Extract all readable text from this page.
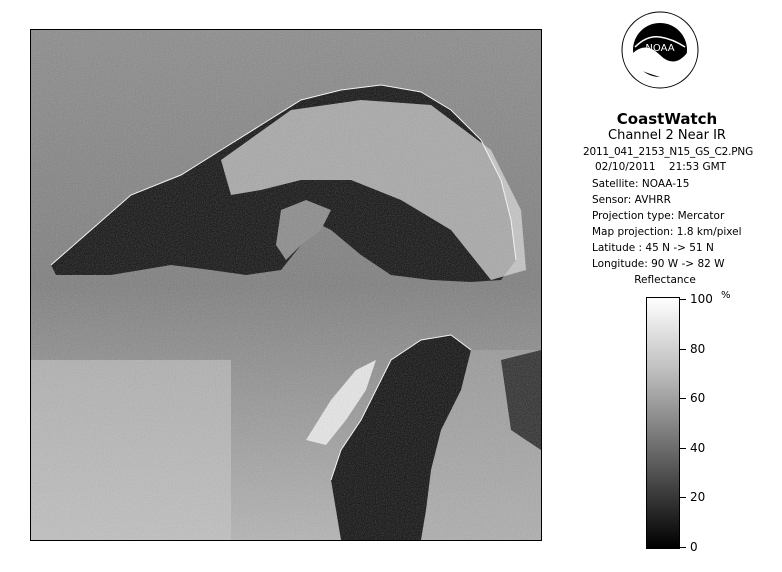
NOAA
CoastWatch
Channel 2 Near IR
2011_041_2153_N15_GS_C2.PNG
02/10/2011 21:53 GMT
Satellite: NOAA-15
Sensor: AVHRR
Projection type: Mercator
Map projection: 1.8 km/pixel
Latitude : 45 N -> 51 N
Longitude: 90 W -> 82 W
Reflectance
%
100
80
60
40
20
0
